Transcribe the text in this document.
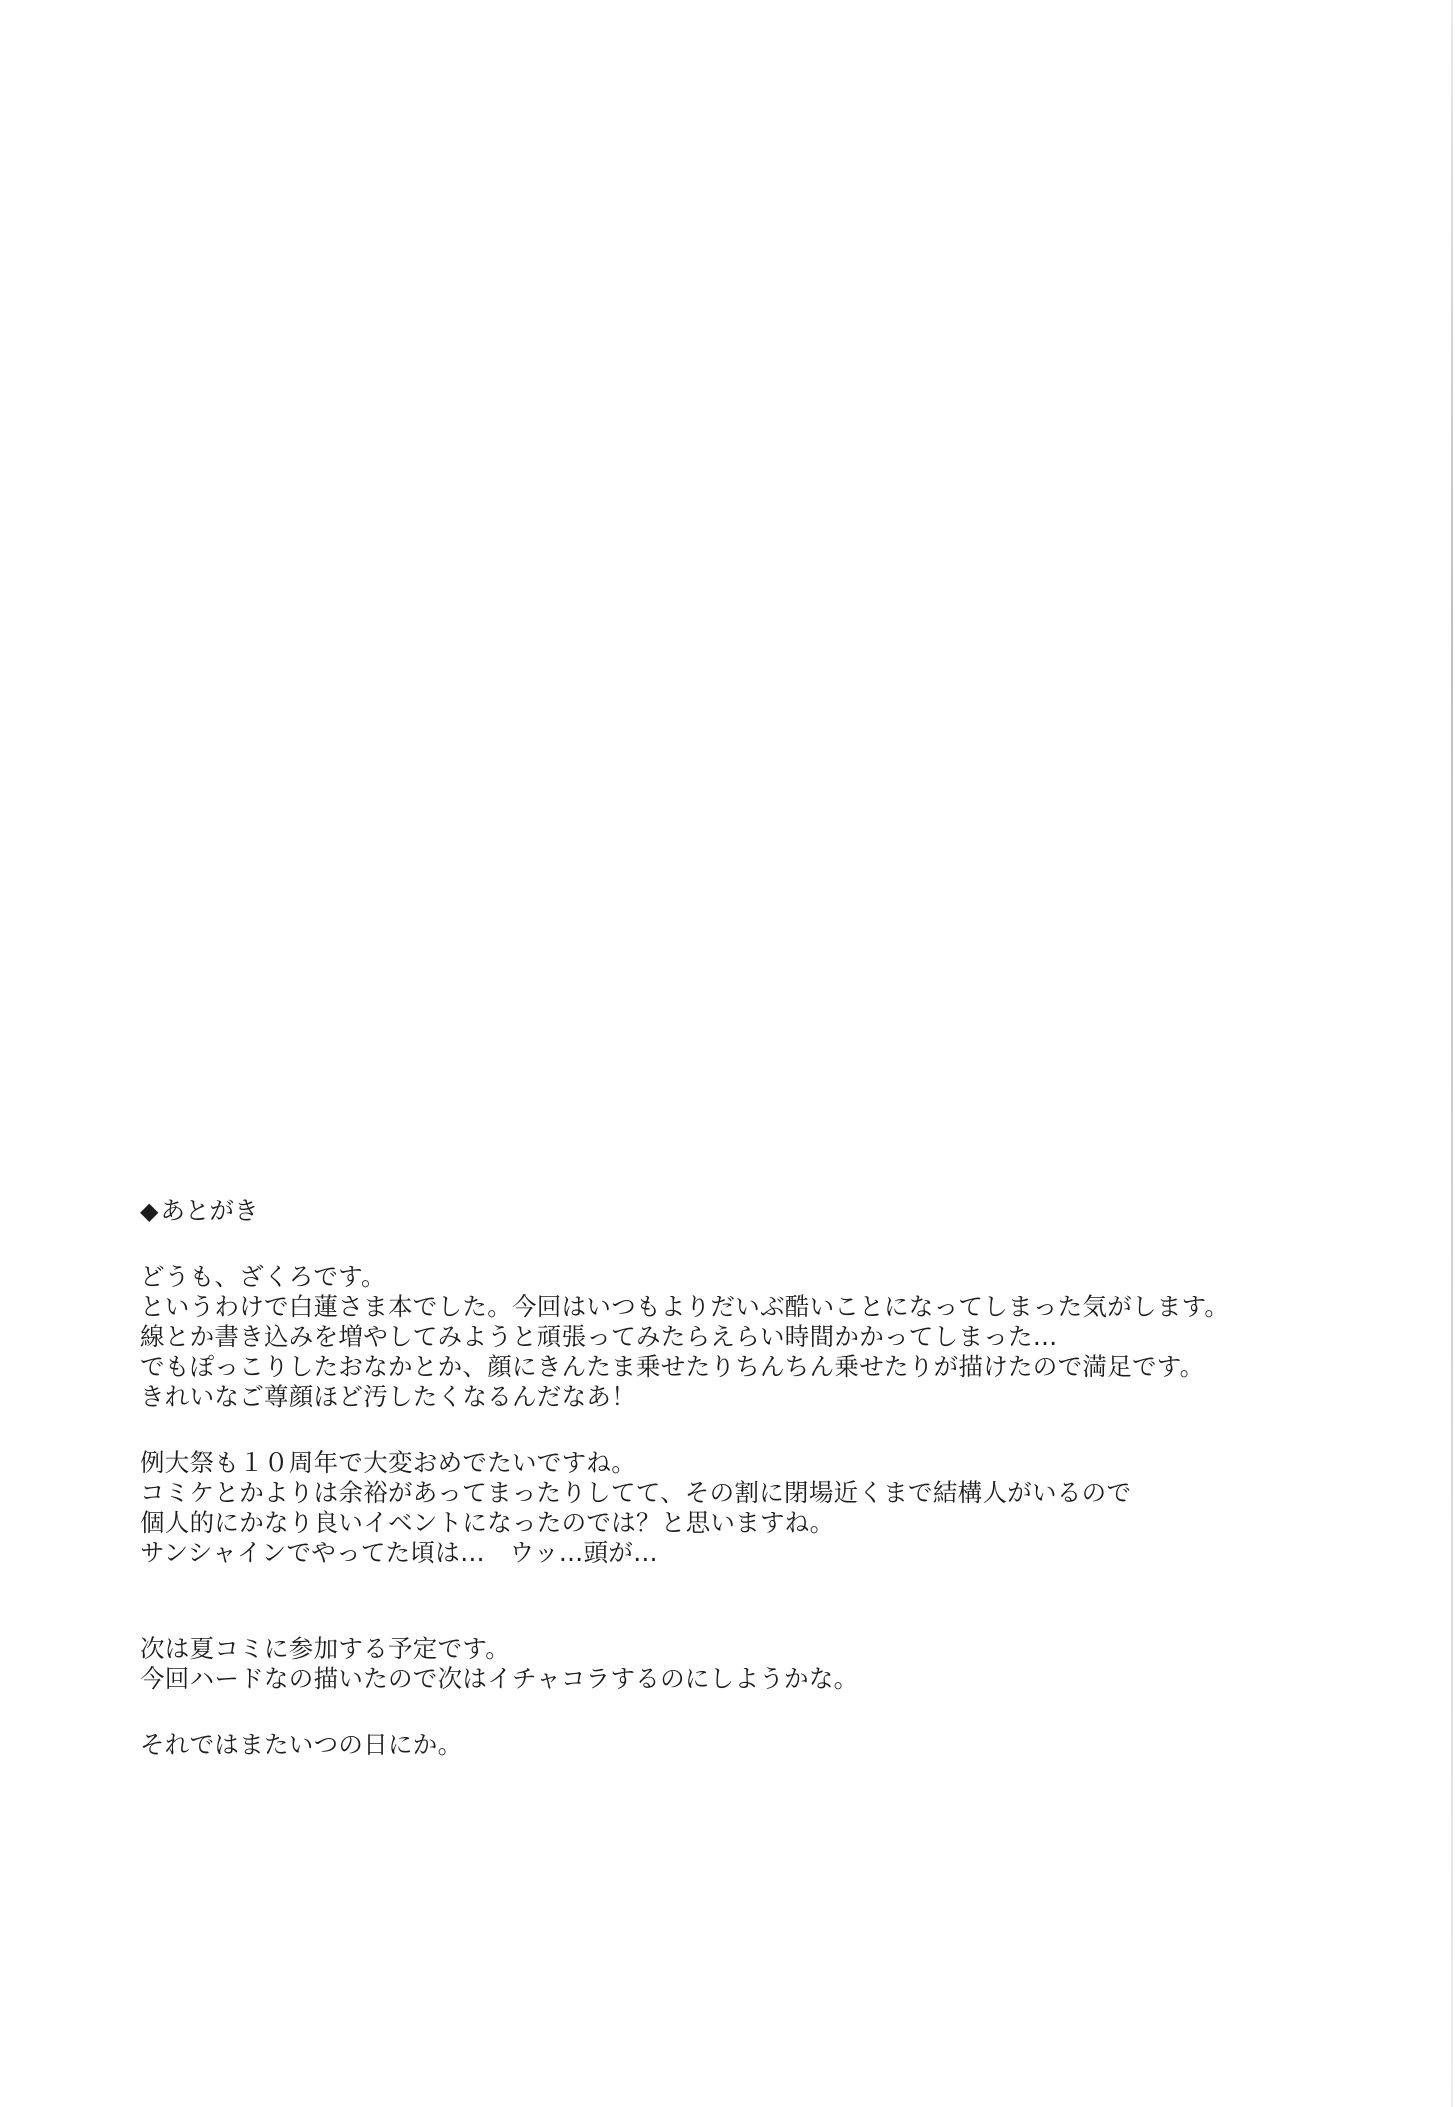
◆あとがき
どうも、ざくろです。
というわけで白蓮さま本でした。今回はいつもよりだいぶ酷いことになってしまった気がします。
線とか書き込みを増やしてみようと頑張ってみたらえらい時間かかってしまった…
でもぽっこりしたおなかとか、顔にきんたま乗せたりちんちん乗せたりが描けたので満足です。
きれいなご尊顔ほど汚したくなるんだなあ！
例大祭も１０周年で大変おめでたいですね。
コミケとかよりは余裕があってまったりしてて、その割に閉場近くまで結構人がいるので
個人的にかなり良いイベントになったのでは？と思いますね。
サンシャインでやってた頃は…　ウッ…頭が…
次は夏コミに参加する予定です。
今回ハードなの描いたので次はイチャコラするのにしようかな。
それではまたいつの日にか。
